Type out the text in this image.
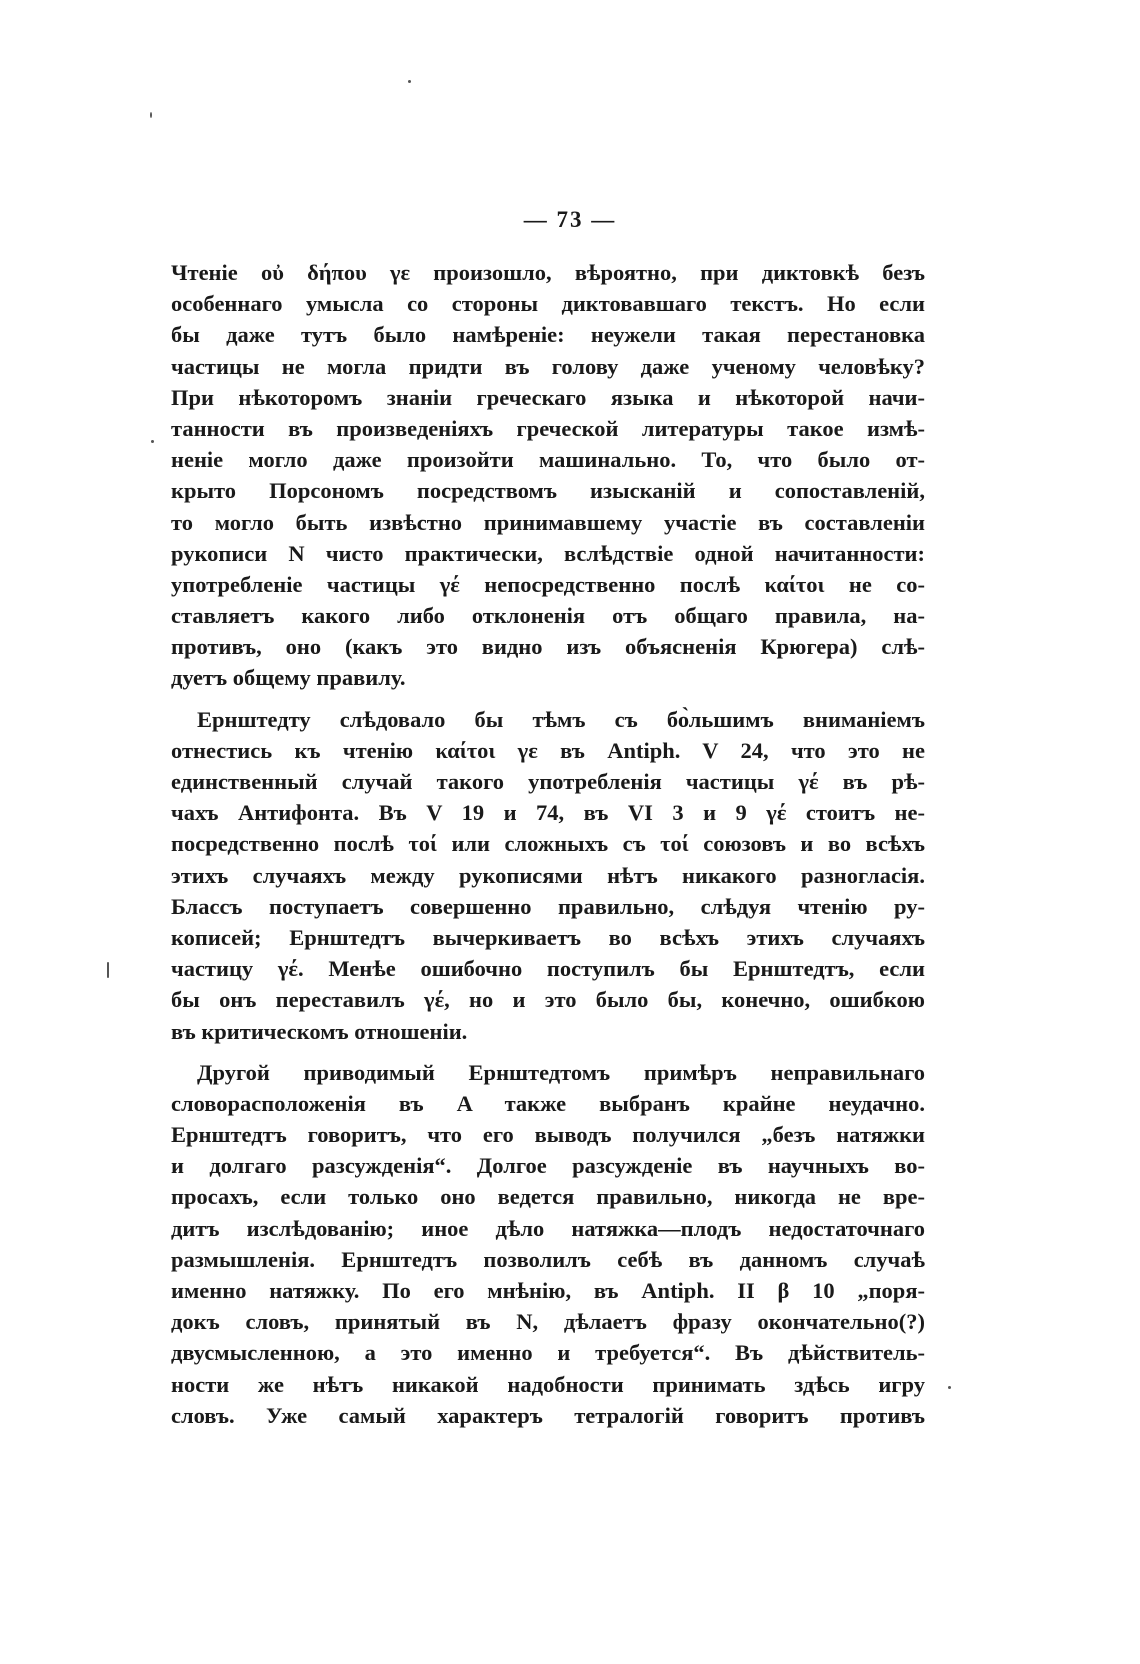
— 73 —
Чтеніе οὐ δήπου γε произошло, вѣроятно, при диктовкѣ безъ
особеннаго умысла со стороны диктовавшаго текстъ. Но если
бы даже тутъ было намѣреніе: неужели такая перестановка
частицы не могла придти въ голову даже ученому человѣку?
При нѣкоторомъ знаніи греческаго языка и нѣкоторой начи-
танности въ произведеніяхъ греческой литературы такое измѣ-
неніе могло даже произойти машинально. То, что было от-
крыто Порсономъ посредствомъ изысканій и сопоставленій,
то могло быть извѣстно принимавшему участіе въ составленіи
рукописи N чисто практически, вслѣдствіе одной начитанности:
употребленіе частицы γέ непосредственно послѣ καίτοι не со-
ставляетъ какого либо отклоненія отъ общаго правила, на-
противъ, оно (какъ это видно изъ объясненія Крюгера) слѣ-
дуетъ общему правилу.
Ернштедту слѣдовало бы тѣмъ съ бо̀льшимъ вниманіемъ
отнестись къ чтенію καίτοι γε въ Antiph. V 24, что это не
единственный случай такого употребленія частицы γέ въ рѣ-
чахъ Антифонта. Въ V 19 и 74, въ VI 3 и 9 γέ стоитъ не-
посредственно послѣ τοί или сложныхъ съ τοί союзовъ и во всѣхъ
этихъ случаяхъ между рукописями нѣтъ никакого разногласія.
Блассъ поступаетъ совершенно правильно, слѣдуя чтенію ру-
кописей; Ернштедтъ вычеркиваетъ во всѣхъ этихъ случаяхъ
частицу γέ. Менѣе ошибочно поступилъ бы Ернштедтъ, если
бы онъ переставилъ γέ, но и это было бы, конечно, ошибкою
въ критическомъ отношеніи.
Другой приводимый Ернштедтомъ примѣръ неправильнаго
словорасположенія въ A также выбранъ крайне неудачно.
Ернштедтъ говоритъ, что его выводъ получился „безъ натяжки
и долгаго разсужденія“. Долгое разсужденіе въ научныхъ во-
просахъ, если только оно ведется правильно, никогда не вре-
дитъ изслѣдованію; иное дѣло натяжка—плодъ недостаточнаго
размышленія. Ернштедтъ позволилъ себѣ въ данномъ случаѣ
именно натяжку. По его мнѣнію, въ Antiph. II β 10 „поря-
докъ словъ, принятый въ N, дѣлаетъ фразу окончательно(?)
двусмысленною, а это именно и требуется“. Въ дѣйствитель-
ности же нѣтъ никакой надобности принимать здѣсь игру
словъ. Уже самый характеръ тетралогій говоритъ противъ
